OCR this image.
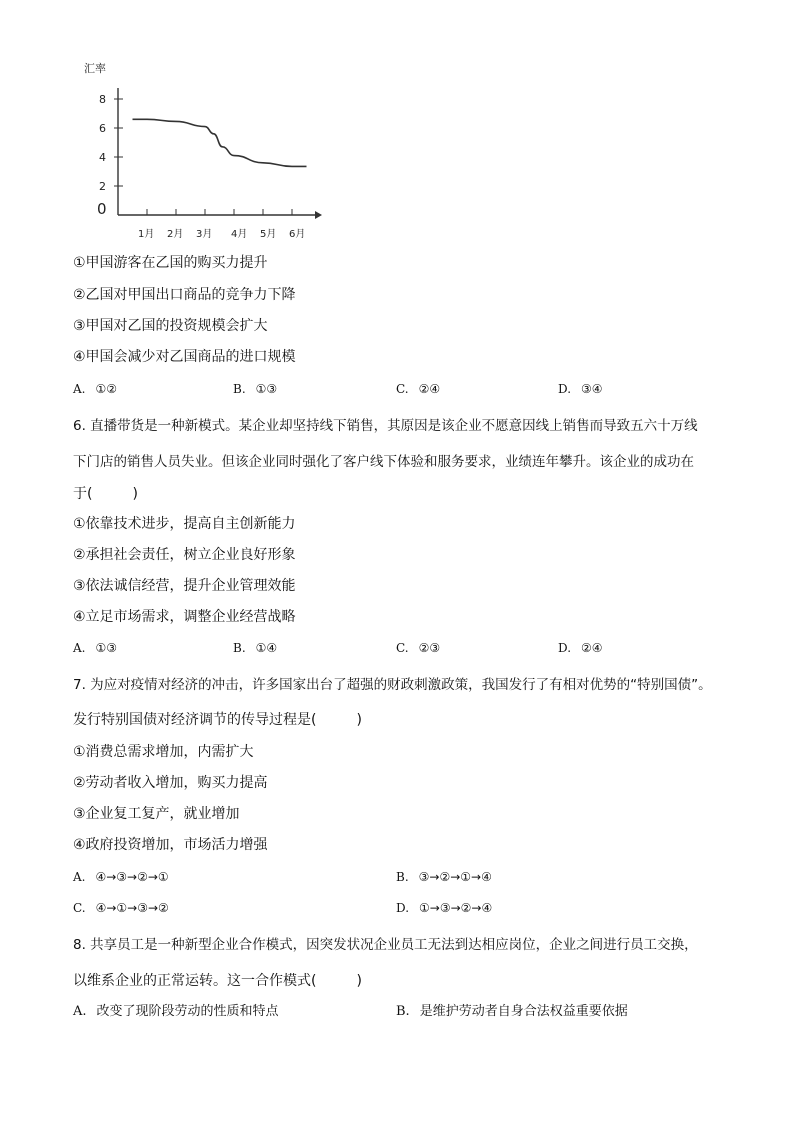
汇率
0
2
4
6
8
1月 2月 3月 4月 5月 6月
①甲国游客在乙国的购买力提升
②乙国对甲国出口商品的竞争力下降
③甲国对乙国的投资规模会扩大
④甲国会减少对乙国商品的进口规模
A. ①②	B. ①③	C. ②④	D. ③④
6. 直播带货是一种新模式。某企业却坚持线下销售，其原因是该企业不愿意因线上销售而导致五六十万线
下门店的销售人员失业。但该企业同时强化了客户线下体验和服务要求，业绩连年攀升。该企业的成功在
于(	)
①依靠技术进步，提高自主创新能力
②承担社会责任，树立企业良好形象
③依法诚信经营，提升企业管理效能
④立足市场需求，调整企业经营战略
A. ①③	B. ①④	C. ②③	D. ②④
7. 为应对疫情对经济的冲击，许多国家出台了超强的财政刺激政策，我国发行了有相对优势的“特别国债”。
发行特别国债对经济调节的传导过程是(	)
①消费总需求增加，内需扩大
②劳动者收入增加，购买力提高
③企业复工复产，就业增加
④政府投资增加，市场活力增强
A. ④→③→②→①	B. ③→②→①→④
C. ④→①→③→②	D. ①→③→②→④
8. 共享员工是一种新型企业合作模式，因突发状况企业员工无法到达相应岗位，企业之间进行员工交换，
以维系企业的正常运转。这一合作模式(	)
A. 改变了现阶段劳动的性质和特点	B. 是维护劳动者自身合法权益重要依据
